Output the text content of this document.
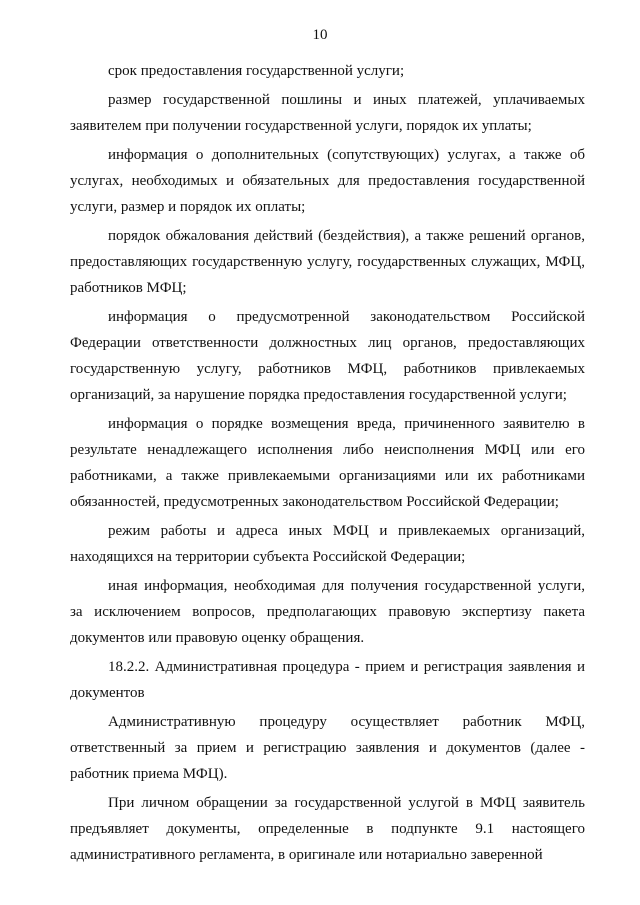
10

срок предоставления государственной услуги;

размер государственной пошлины и иных платежей, уплачиваемых заявителем при получении государственной услуги, порядок их уплаты;

информация о дополнительных (сопутствующих) услугах, а также об услугах, необходимых и обязательных для предоставления государственной услуги, размер и порядок их оплаты;

порядок обжалования действий (бездействия), а также решений органов, предоставляющих государственную услугу, государственных служащих, МФЦ, работников МФЦ;

информация о предусмотренной законодательством Российской Федерации ответственности должностных лиц органов, предоставляющих государственную услугу, работников МФЦ, работников привлекаемых организаций, за нарушение порядка предоставления государственной услуги;

информация о порядке возмещения вреда, причиненного заявителю в результате ненадлежащего исполнения либо неисполнения МФЦ или его работниками, а также привлекаемыми организациями или их работниками обязанностей, предусмотренных законодательством Российской Федерации;

режим работы и адреса иных МФЦ и привлекаемых организаций, находящихся на территории субъекта Российской Федерации;

иная информация, необходимая для получения государственной услуги, за исключением вопросов, предполагающих правовую экспертизу пакета документов или правовую оценку обращения.

18.2.2. Административная процедура - прием и регистрация заявления и документов

Административную процедуру осуществляет работник МФЦ, ответственный за прием и регистрацию заявления и документов (далее - работник приема МФЦ).

При личном обращении за государственной услугой в МФЦ заявитель предъявляет документы, определенные в подпункте 9.1 настоящего административного регламента, в оригинале или нотариально заверенной
